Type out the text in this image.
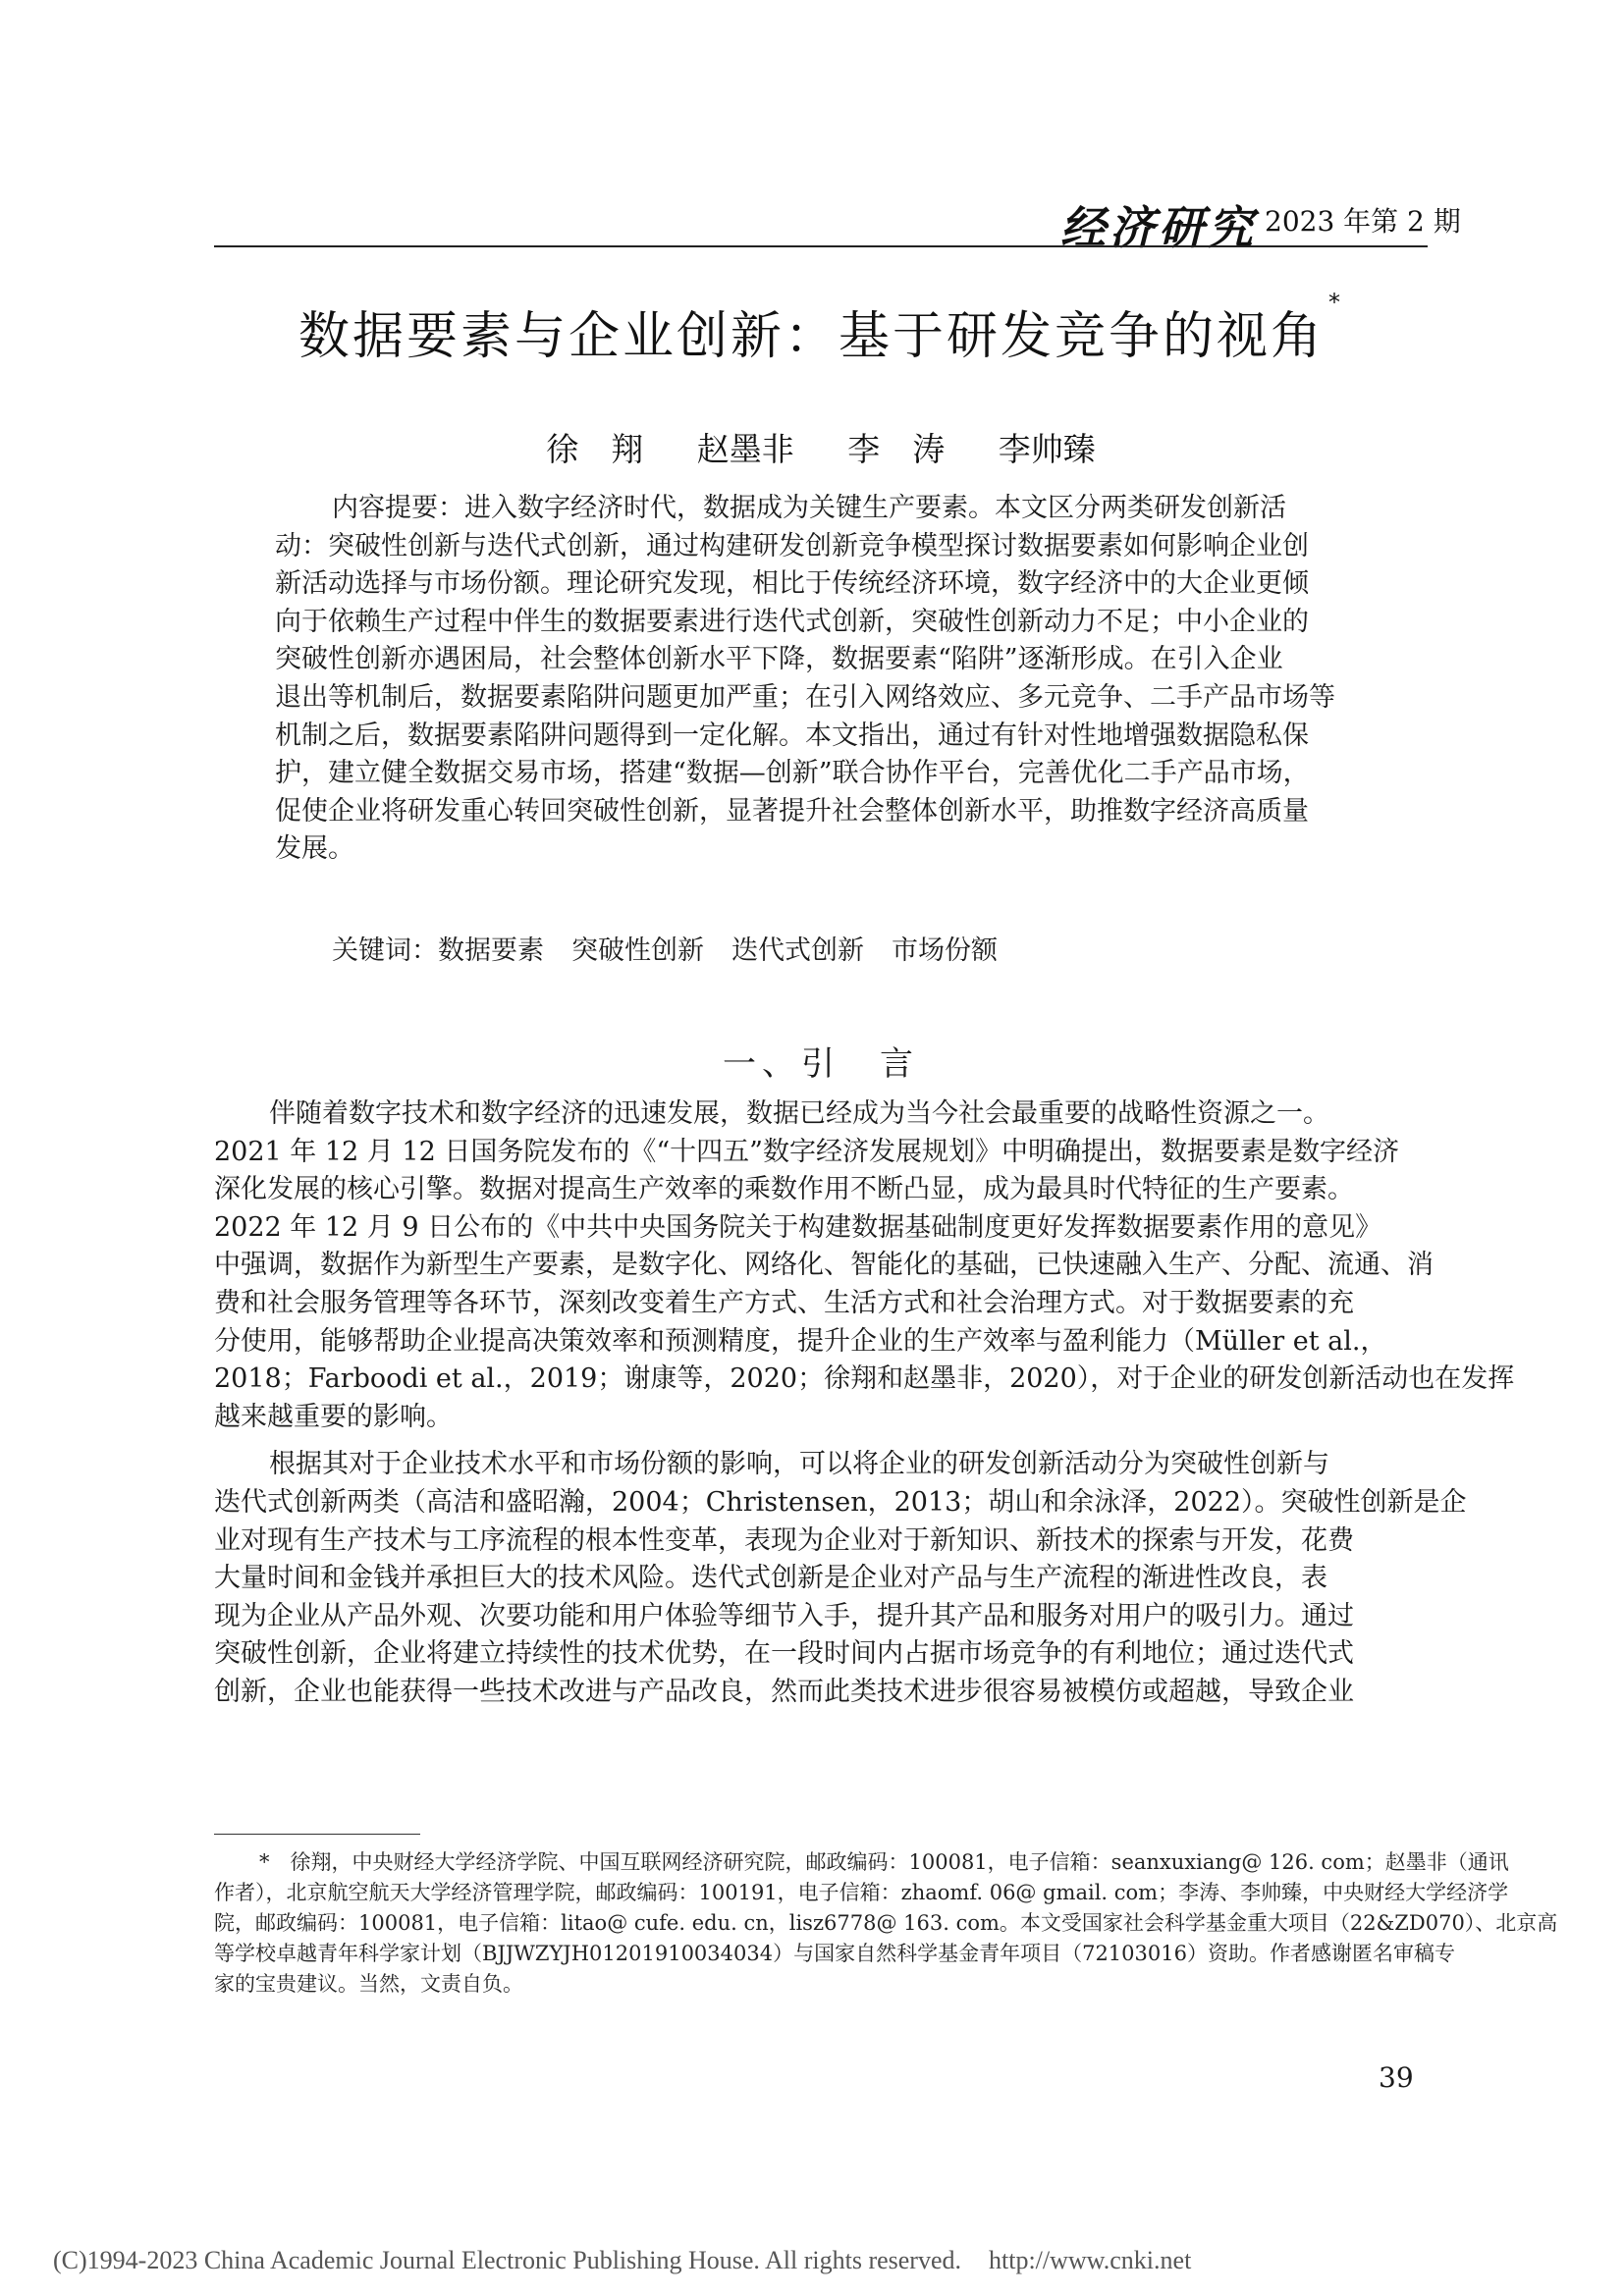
经济研究 2023 年第 2 期
数据要素与企业创新：基于研发竞争的视角*
徐　翔 赵墨非 李　涛 李帅臻
内容提要：进入数字经济时代，数据成为关键生产要素。本文区分两类研发创新活
动：突破性创新与迭代式创新，通过构建研发创新竞争模型探讨数据要素如何影响企业创
新活动选择与市场份额。理论研究发现，相比于传统经济环境，数字经济中的大企业更倾
向于依赖生产过程中伴生的数据要素进行迭代式创新，突破性创新动力不足；中小企业的
突破性创新亦遇困局，社会整体创新水平下降，数据要素“陷阱”逐渐形成。在引入企业
退出等机制后，数据要素陷阱问题更加严重；在引入网络效应、多元竞争、二手产品市场等
机制之后，数据要素陷阱问题得到一定化解。本文指出，通过有针对性地增强数据隐私保
护，建立健全数据交易市场，搭建“数据—创新”联合协作平台，完善优化二手产品市场，
促使企业将研发重心转回突破性创新，显著提升社会整体创新水平，助推数字经济高质量
发展。
关键词：数据要素 突破性创新 迭代式创新 市场份额
一、引　言
伴随着数字技术和数字经济的迅速发展，数据已经成为当今社会最重要的战略性资源之一。
2021 年 12 月 12 日国务院发布的《“十四五”数字经济发展规划》中明确提出，数据要素是数字经济
深化发展的核心引擎。数据对提高生产效率的乘数作用不断凸显，成为最具时代特征的生产要素。
2022 年 12 月 9 日公布的《中共中央国务院关于构建数据基础制度更好发挥数据要素作用的意见》
中强调，数据作为新型生产要素，是数字化、网络化、智能化的基础，已快速融入生产、分配、流通、消
费和社会服务管理等各环节，深刻改变着生产方式、生活方式和社会治理方式。对于数据要素的充
分使用，能够帮助企业提高决策效率和预测精度，提升企业的生产效率与盈利能力（Müller et al.，
2018；Farboodi et al.，2019；谢康等，2020；徐翔和赵墨非，2020），对于企业的研发创新活动也在发挥
越来越重要的影响。
根据其对于企业技术水平和市场份额的影响，可以将企业的研发创新活动分为突破性创新与
迭代式创新两类（高洁和盛昭瀚，2004；Christensen，2013；胡山和余泳泽，2022）。突破性创新是企
业对现有生产技术与工序流程的根本性变革，表现为企业对于新知识、新技术的探索与开发，花费
大量时间和金钱并承担巨大的技术风险。迭代式创新是企业对产品与生产流程的渐进性改良，表
现为企业从产品外观、次要功能和用户体验等细节入手，提升其产品和服务对用户的吸引力。通过
突破性创新，企业将建立持续性的技术优势，在一段时间内占据市场竞争的有利地位；通过迭代式
创新，企业也能获得一些技术改进与产品改良，然而此类技术进步很容易被模仿或超越，导致企业
*　徐翔，中央财经大学经济学院、中国互联网经济研究院，邮政编码：100081，电子信箱：seanxuxiang@ 126. com；赵墨非（通讯
作者），北京航空航天大学经济管理学院，邮政编码：100191，电子信箱：zhaomf. 06@ gmail. com；李涛、李帅臻，中央财经大学经济学
院，邮政编码：100081，电子信箱：litao@ cufe. edu. cn，lisz6778@ 163. com。本文受国家社会科学基金重大项目（22&ZD070）、北京高
等学校卓越青年科学家计划（BJJWZYJH01201910034034）与国家自然科学基金青年项目（72103016）资助。作者感谢匿名审稿专
家的宝贵建议。当然，文责自负。
39
(C)1994-2023 China Academic Journal Electronic Publishing House. All rights reserved. http://www.cnki.net
